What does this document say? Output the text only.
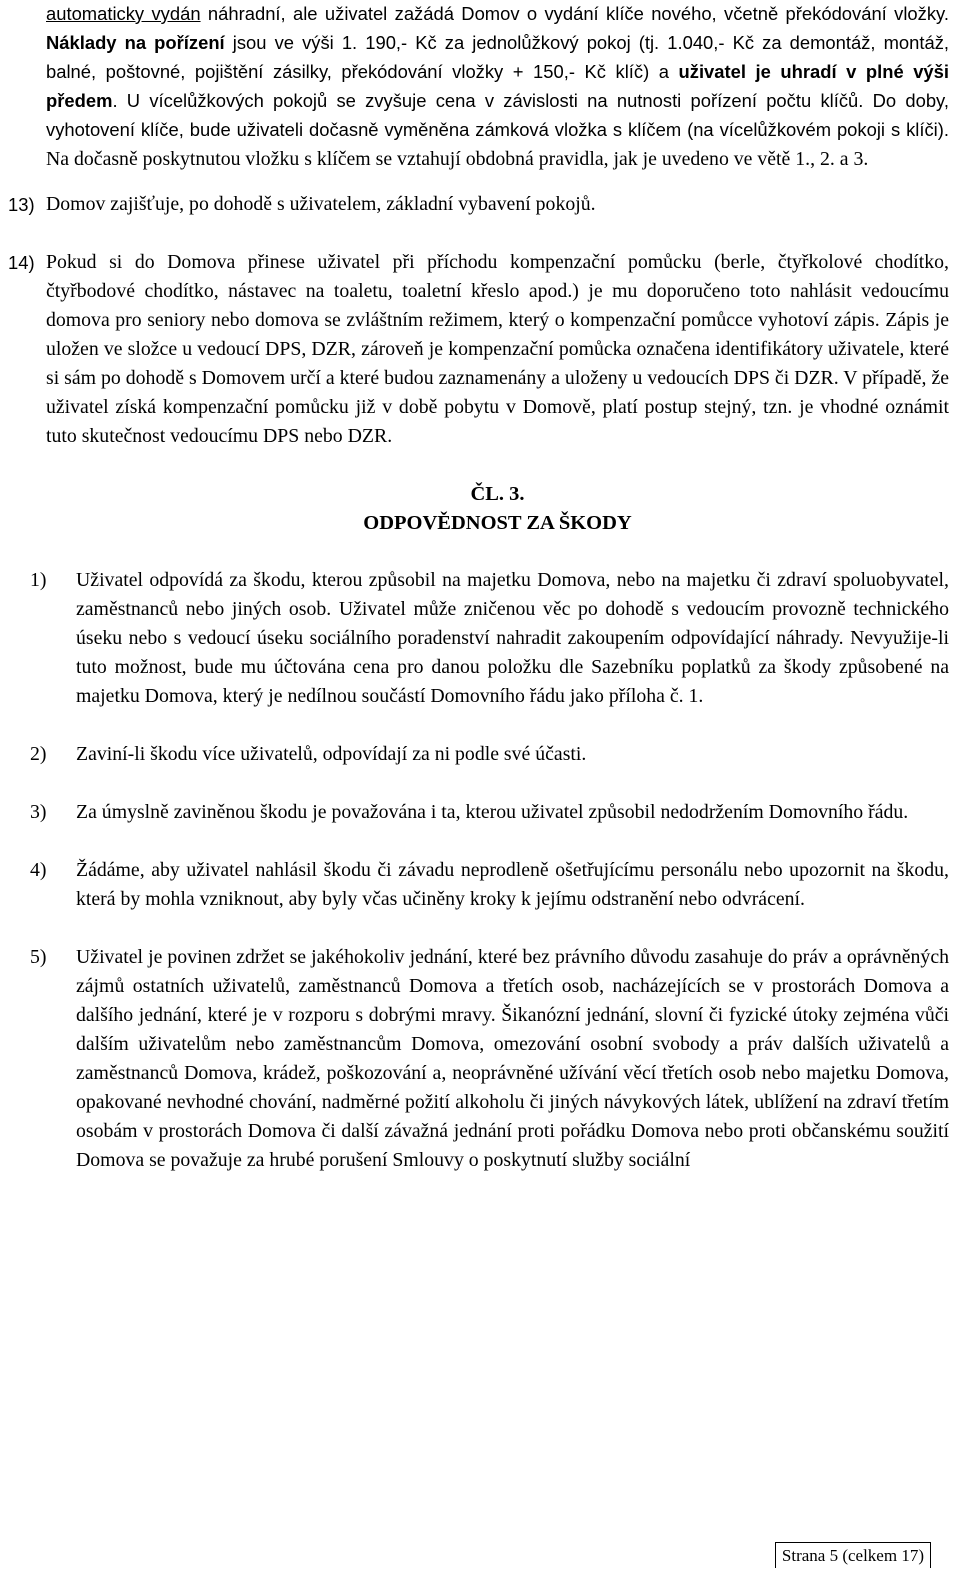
automaticky vydán náhradní, ale uživatel zažádá Domov o vydání klíče nového, včetně překódování vložky. Náklady na pořízení jsou ve výši 1. 190,- Kč za jednolůžkový pokoj (tj. 1.040,- Kč za demontáž, montáž, balné, poštovné, pojištění zásilky, překódování vložky + 150,- Kč klíč) a uživatel je uhradí v plné výši předem. U vícelůžkových pokojů se zvyšuje cena v závislosti na nutnosti pořízení počtu klíčů. Do doby, vyhotovení klíče, bude uživateli dočasně vyměněna zámková vložka s klíčem (na vícelůžkovém pokoji s klíči). Na dočasně poskytnutou vložku s klíčem se vztahují obdobná pravidla, jak je uvedeno ve větě 1., 2. a 3.

13) Domov zajišťuje, po dohodě s uživatelem, základní vybavení pokojů.

14) Pokud si do Domova přinese uživatel při příchodu kompenzační pomůcku (berle, čtyřkolové chodítko, čtyřbodové chodítko, nástavec na toaletu, toaletní křeslo apod.) je mu doporučeno toto nahlásit vedoucímu domova pro seniory nebo domova se zvláštním režimem, který o kompenzační pomůcce vyhotoví zápis. Zápis je uložen ve složce u vedoucí DPS, DZR, zároveň je kompenzační pomůcka označena identifikátory uživatele, které si sám po dohodě s Domovem určí a které budou zaznamenány a uloženy u vedoucích DPS či DZR. V případě, že uživatel získá kompenzační pomůcku již v době pobytu v Domově, platí postup stejný, tzn. je vhodné oznámit tuto skutečnost vedoucímu DPS nebo DZR.

ČL. 3.
ODPOVĚDNOST ZA ŠKODY
1) Uživatel odpovídá za škodu, kterou způsobil na majetku Domova, nebo na majetku či zdraví spoluobyvatel, zaměstnanců nebo jiných osob. Uživatel může zničenou věc po dohodě s vedoucím provozně technického úseku nebo s vedoucí úseku sociálního poradenství nahradit zakoupením odpovídající náhrady. Nevyužije-li tuto možnost, bude mu účtována cena pro danou položku dle Sazebníku poplatků za škody způsobené na majetku Domova, který je nedílnou součástí Domovního řádu jako příloha č. 1.

2) Zaviní-li škodu více uživatelů, odpovídají za ni podle své účasti.

3) Za úmyslně zaviněnou škodu je považována i ta, kterou uživatel způsobil nedodržením Domovního řádu.

4) Žádáme, aby uživatel nahlásil škodu či závadu neprodleně ošetřujícímu personálu nebo upozornit na škodu, která by mohla vzniknout, aby byly včas učiněny kroky k jejímu odstranění nebo odvrácení.

5) Uživatel je povinen zdržet se jakéhokoliv jednání, které bez právního důvodu zasahuje do práv a oprávněných zájmů ostatních uživatelů, zaměstnanců Domova a třetích osob, nacházejících se v prostorách Domova a dalšího jednání, které je v rozporu s dobrými mravy. Šikanózní jednání, slovní či fyzické útoky zejména vůči dalším uživatelům nebo zaměstnancům Domova, omezování osobní svobody a práv dalších uživatelů a zaměstnanců Domova, krádež, poškozování a, neoprávněné užívání věcí třetích osob nebo majetku Domova, opakované nevhodné chování, nadměrné požití alkoholu či jiných návykových látek, ublížení na zdraví třetím osobám v prostorách Domova či další závažná jednání proti pořádku Domova nebo proti občanskému soužití Domova se považuje za hrubé porušení Smlouvy o poskytnutí služby sociální

Strana 5 (celkem 17)
